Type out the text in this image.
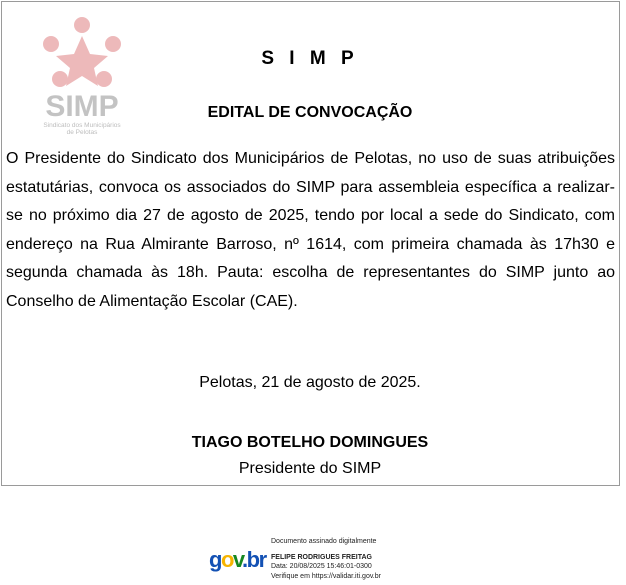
SIMP
Sindicato dos Municipários
de Pelotas
S I M P
EDITAL DE CONVOCAÇÃO
O Presidente do Sindicato dos Municipários de Pelotas, no uso de suas atribuições estatutárias, convoca os associados do SIMP para assembleia específica a realizar-se no próximo dia 27 de agosto de 2025, tendo por local a sede do Sindicato, com endereço na Rua Almirante Barroso, nº 1614, com primeira chamada às 17h30 e segunda chamada às 18h. Pauta: escolha de representantes do SIMP junto ao Conselho de Alimentação Escolar (CAE).
Pelotas, 21 de agosto de 2025.
TIAGO BOTELHO DOMINGUES
Presidente do SIMP
gov.br
Documento assinado digitalmente
FELIPE RODRIGUES FREITAG
Data: 20/08/2025 15:46:01-0300
Verifique em https://validar.iti.gov.br
